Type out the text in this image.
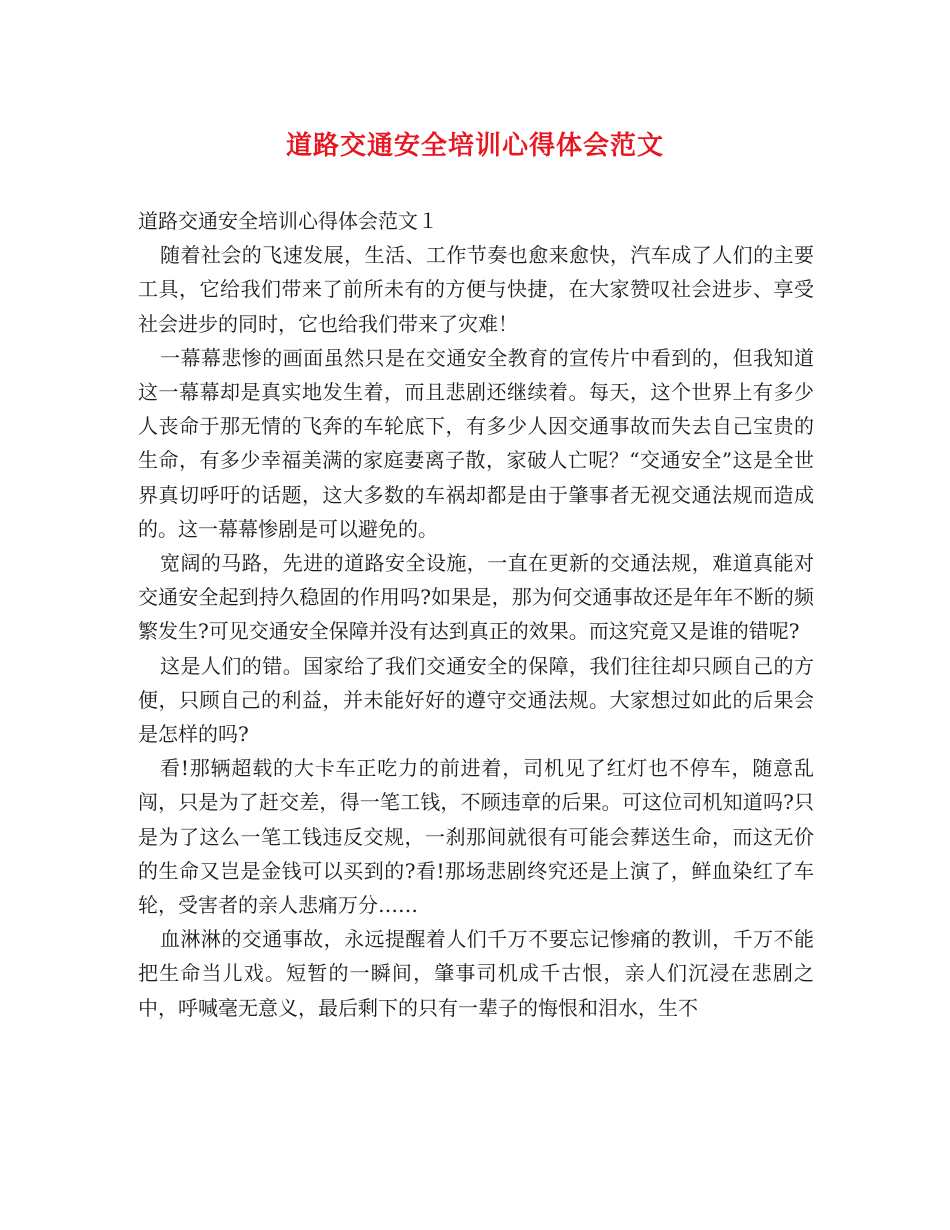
道路交通安全培训心得体会范文

道路交通安全培训心得体会范文１

随着社会的飞速发展，生活、工作节奏也愈来愈快，汽车成了人们的主要工具，它给我们带来了前所未有的方便与快捷，在大家赞叹社会进步、享受社会进步的同时，它也给我们带来了灾难！

一幕幕悲惨的画面虽然只是在交通安全教育的宣传片中看到的，但我知道这一幕幕却是真实地发生着，而且悲剧还继续着。每天，这个世界上有多少人丧命于那无情的飞奔的车轮底下，有多少人因交通事故而失去自己宝贵的生命，有多少幸福美满的家庭妻离子散，家破人亡呢？“交通安全”这是全世界真切呼吁的话题，这大多数的车祸却都是由于肇事者无视交通法规而造成的。这一幕幕惨剧是可以避免的。

宽阔的马路，先进的道路安全设施，一直在更新的交通法规，难道真能对交通安全起到持久稳固的作用吗?如果是，那为何交通事故还是年年不断的频繁发生?可见交通安全保障并没有达到真正的效果。而这究竟又是谁的错呢?

这是人们的错。国家给了我们交通安全的保障，我们往往却只顾自己的方便，只顾自己的利益，并未能好好的遵守交通法规。大家想过如此的后果会是怎样的吗?

看!那辆超载的大卡车正吃力的前进着，司机见了红灯也不停车，随意乱闯，只是为了赶交差，得一笔工钱，不顾违章的后果。可这位司机知道吗?只是为了这么一笔工钱违反交规，一刹那间就很有可能会葬送生命，而这无价的生命又岂是金钱可以买到的?看!那场悲剧终究还是上演了，鲜血染红了车轮，受害者的亲人悲痛万分……

血淋淋的交通事故，永远提醒着人们千万不要忘记惨痛的教训，千万不能把生命当儿戏。短暂的一瞬间，肇事司机成千古恨，亲人们沉浸在悲剧之中，呼喊毫无意义，最后剩下的只有一辈子的悔恨和泪水，生不
